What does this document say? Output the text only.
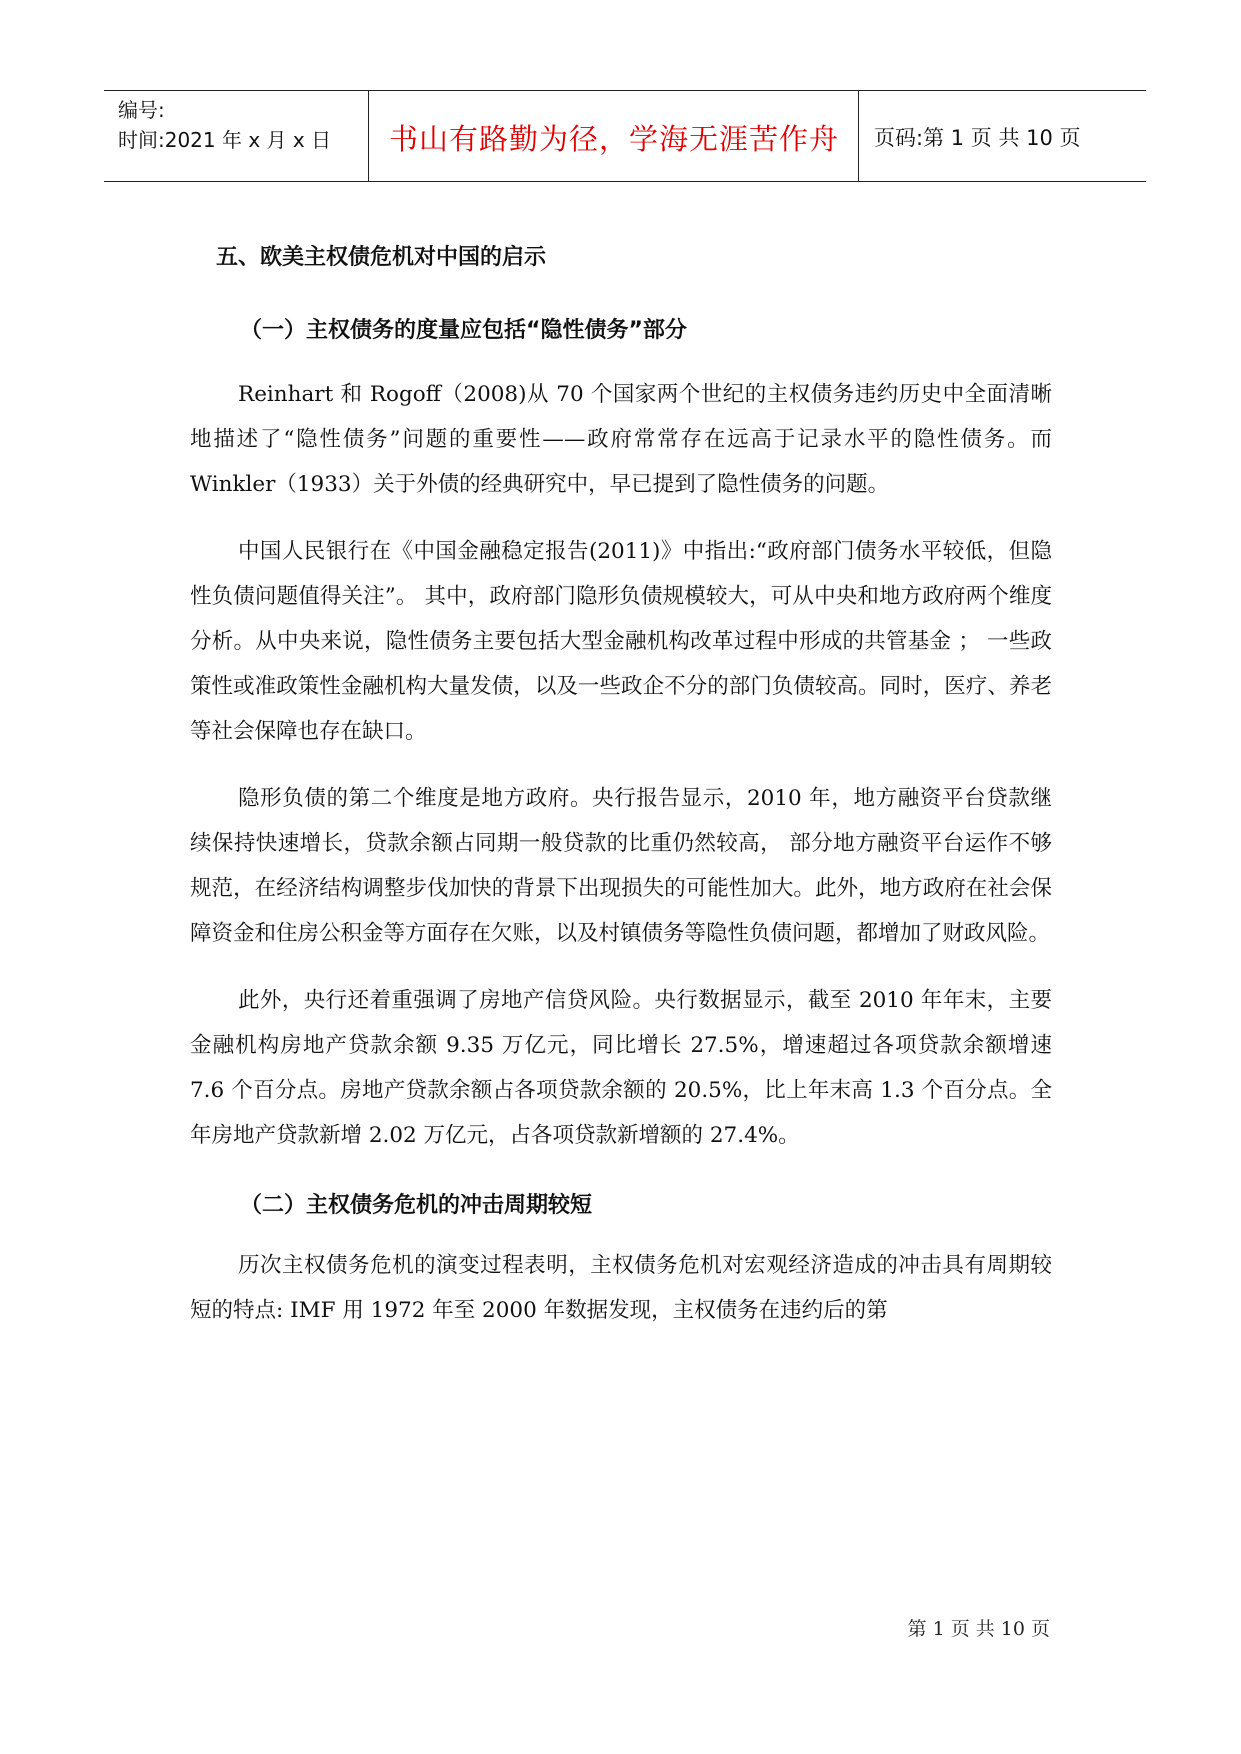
编号:
时间:2021 年 x 月 x 日	书山有路勤为径，学海无涯苦作舟	页码:第 1 页 共 10 页
五、欧美主权债危机对中国的启示
（一）主权债务的度量应包括“隐性债务”部分

Reinhart 和 Rogoff（2008)从 70 个国家两个世纪的主权债务违约历史中全面清晰地描述了“隐性债务”问题的重要性——政府常常存在远高于记录水平的隐性债务。而 Winkler（1933）关于外债的经典研究中，早已提到了隐性债务的问题。

中国人民银行在《中国金融稳定报告(2011)》中指出:“政府部门债务水平较低，但隐性负债问题值得关注”。 其中，政府部门隐形负债规模较大，可从中央和地方政府两个维度分析。从中央来说，隐性债务主要包括大型金融机构改革过程中形成的共管基金 ； 一些政策性或准政策性金融机构大量发债，以及一些政企不分的部门负债较高。同时，医疗、养老等社会保障也存在缺口。

隐形负债的第二个维度是地方政府。央行报告显示，2010 年，地方融资平台贷款继续保持快速增长，贷款余额占同期一般贷款的比重仍然较高， 部分地方融资平台运作不够规范，在经济结构调整步伐加快的背景下出现损失的可能性加大。此外，地方政府在社会保障资金和住房公积金等方面存在欠账，以及村镇债务等隐性负债问题，都增加了财政风险。

此外，央行还着重强调了房地产信贷风险。央行数据显示，截至 2010 年年末，主要金融机构房地产贷款余额 9.35 万亿元，同比增长 27.5%，增速超过各项贷款余额增速 7.6 个百分点。房地产贷款余额占各项贷款余额的 20.5%，比上年末高 1.3 个百分点。全年房地产贷款新增 2.02 万亿元，占各项贷款新增额的 27.4%。

（二）主权债务危机的冲击周期较短

历次主权债务危机的演变过程表明，主权债务危机对宏观经济造成的冲击具有周期较短的特点: IMF 用 1972 年至 2000 年数据发现，主权债务在违约后的第

第 1 页 共 10 页
